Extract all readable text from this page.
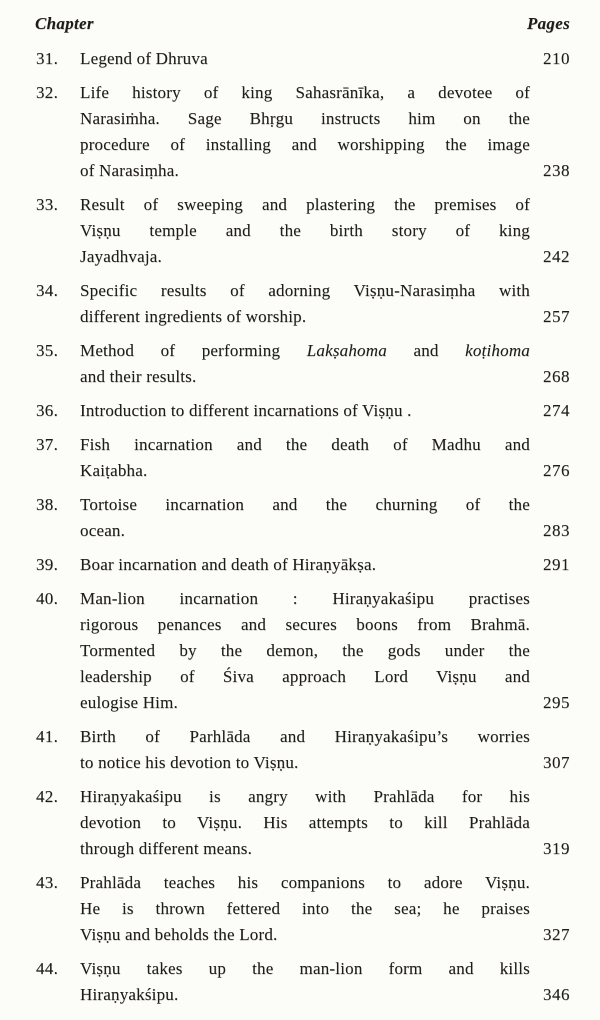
Chapter	Pages
31. Legend of Dhruva	210
32. Life history of king Sahasrānīka, a devotee of
Narasiṁha. Sage Bhṛgu instructs him on the
procedure of installing and worshipping the image
of Narasiṃha.	238
33. Result of sweeping and plastering the premises of
Viṣṇu temple and the birth story of king
Jayadhvaja.	242
34. Specific results of adorning Viṣṇu-Narasiṃha with
different ingredients of worship.	257
35. Method of performing Lakṣahoma and koṭihoma
and their results.	268
36. Introduction to different incarnations of Viṣṇu .	274
37. Fish incarnation and the death of Madhu and
Kaiṭabha.	276
38. Tortoise incarnation and the churning of the
ocean.	283
39. Boar incarnation and death of Hiraṇyākṣa.	291
40. Man-lion incarnation : Hiraṇyakaśipu practises
rigorous penances and secures boons from Brahmā.
Tormented by the demon, the gods under the
leadership of Śiva approach Lord Viṣṇu and
eulogise Him.	295
41. Birth of Parhlāda and Hiraṇyakaśipu’s worries
to notice his devotion to Viṣṇu.	307
42. Hiraṇyakaśipu is angry with Prahlāda for his
devotion to Viṣṇu. His attempts to kill Prahlāda
through different means.	319
43. Prahlāda teaches his companions to adore Viṣṇu.
He is thrown fettered into the sea; he praises
Viṣṇu and beholds the Lord.	327
44. Viṣṇu takes up the man-lion form and kills
Hiraṇyakśipu.	346
